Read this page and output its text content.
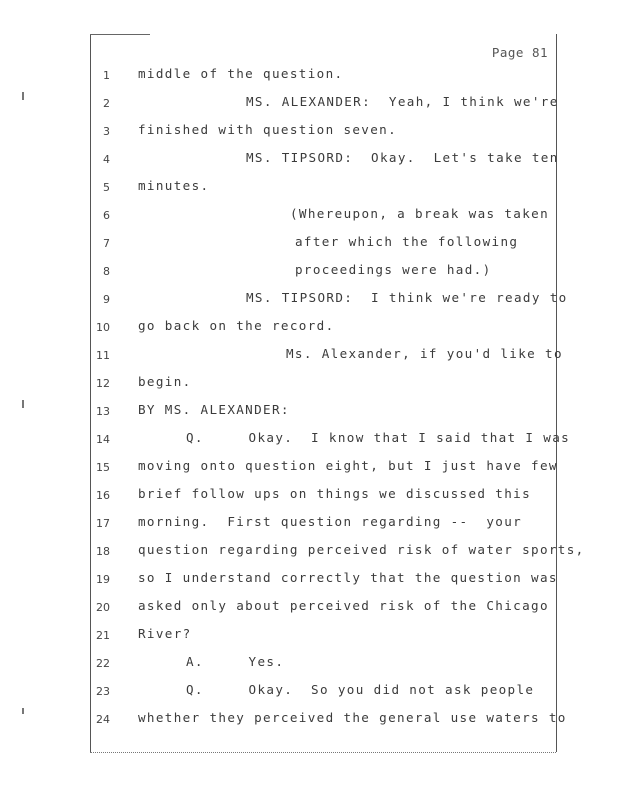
Page 81
1 middle of the question.
2	MS. ALEXANDER:  Yeah, I think we're
3 finished with question seven.
4	MS. TIPSORD:  Okay.  Let's take ten
5 minutes.
6	(Whereupon, a break was taken
7	after which the following
8	proceedings were had.)
9	MS. TIPSORD:  I think we're ready to
10 go back on the record.
11	Ms. Alexander, if you'd like to
12 begin.
13 BY MS. ALEXANDER:
14	Q.     Okay.  I know that I said that I was
15 moving onto question eight, but I just have few
16 brief follow ups on things we discussed this
17 morning.  First question regarding --  your
18 question regarding perceived risk of water sports,
19 so I understand correctly that the question was
20 asked only about perceived risk of the Chicago
21 River?
22	A.     Yes.
23	Q.     Okay.  So you did not ask people
24 whether they perceived the general use waters to
